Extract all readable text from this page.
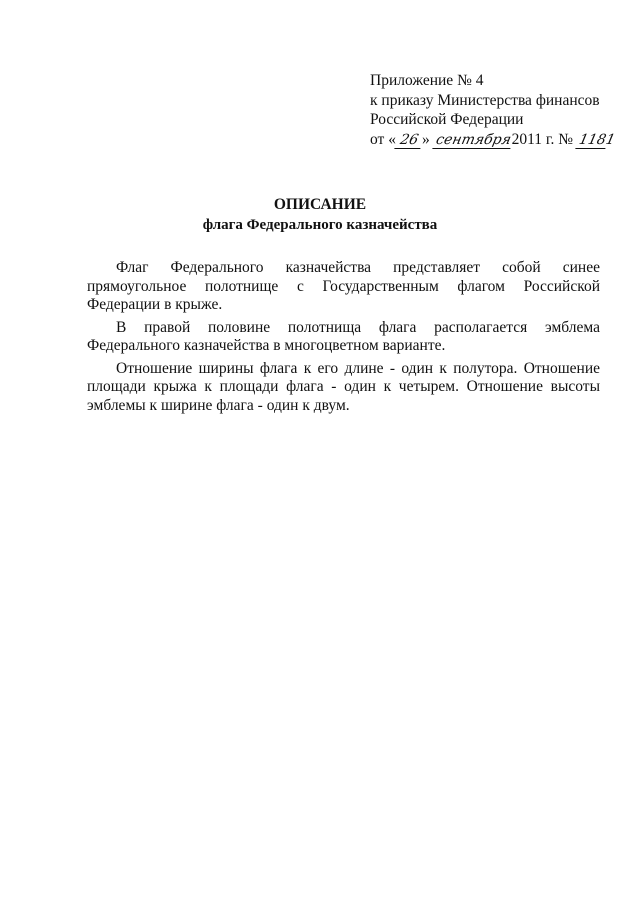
Приложение № 4
к приказу Министерства финансов
Российской Федерации
от « 26 » сентября2011 г. № 1181
ОПИСАНИЕ
флага Федерального казначейства

Флаг Федерального казначейства представляет собой синее прямоугольное полотнище с Государственным флагом Российской Федерации в крыже.

В правой половине полотнища флага располагается эмблема Федерального казначейства в многоцветном варианте.

Отношение ширины флага к его длине - один к полутора. Отношение площади крыжа к площади флага - один к четырем. Отношение высоты эмблемы к ширине флага - один к двум.
